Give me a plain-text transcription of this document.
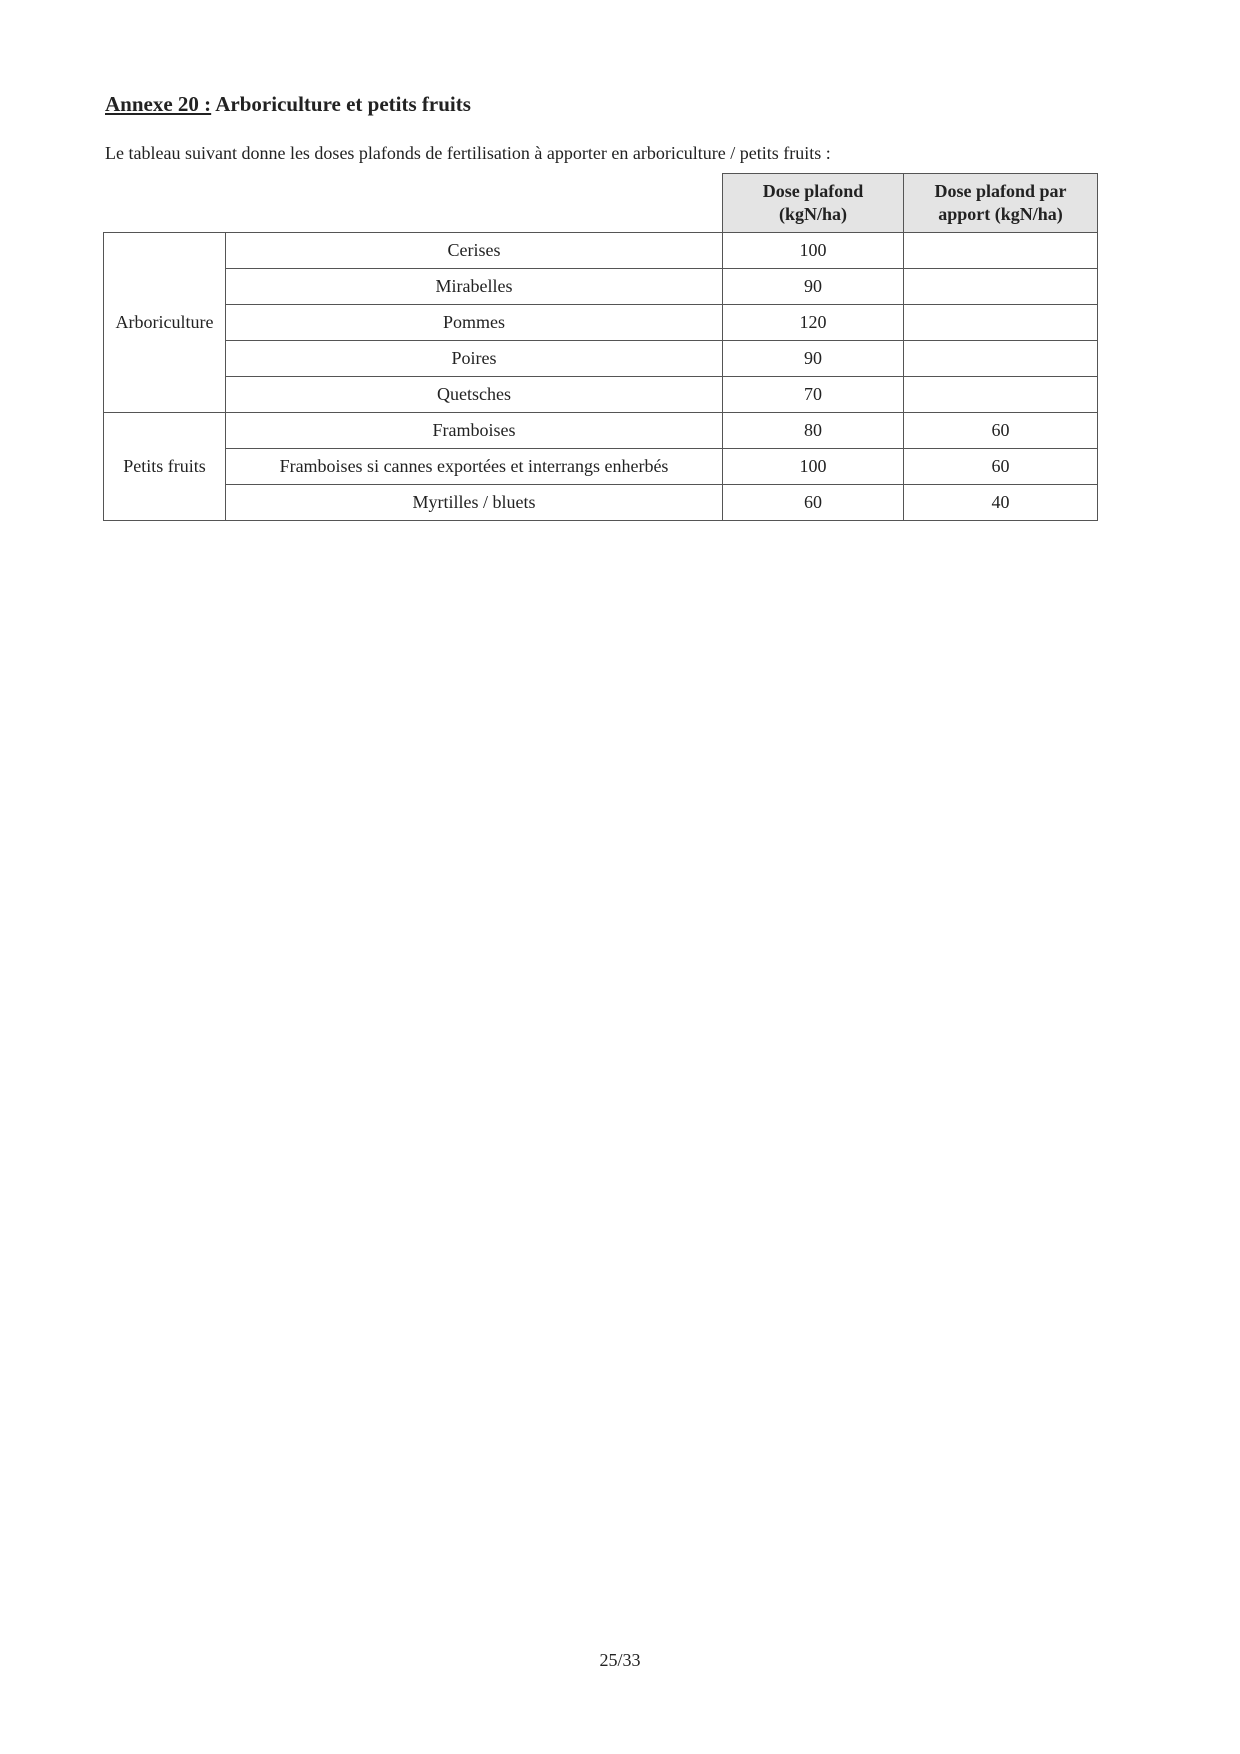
Annexe 20 : Arboriculture et petits fruits
Le tableau suivant donne les doses plafonds de fertilisation à apporter en arboriculture / petits fruits :
		Dose plafond (kgN/ha)	Dose plafond par apport (kgN/ha)
Arboriculture	Cerises	100	
	Mirabelles	90	
	Pommes	120	
	Poires	90	
	Quetsches	70	
Petits fruits	Framboises	80	60
	Framboises si cannes exportées et interrangs enherbés	100	60
	Myrtilles / bluets	60	40
25/33
